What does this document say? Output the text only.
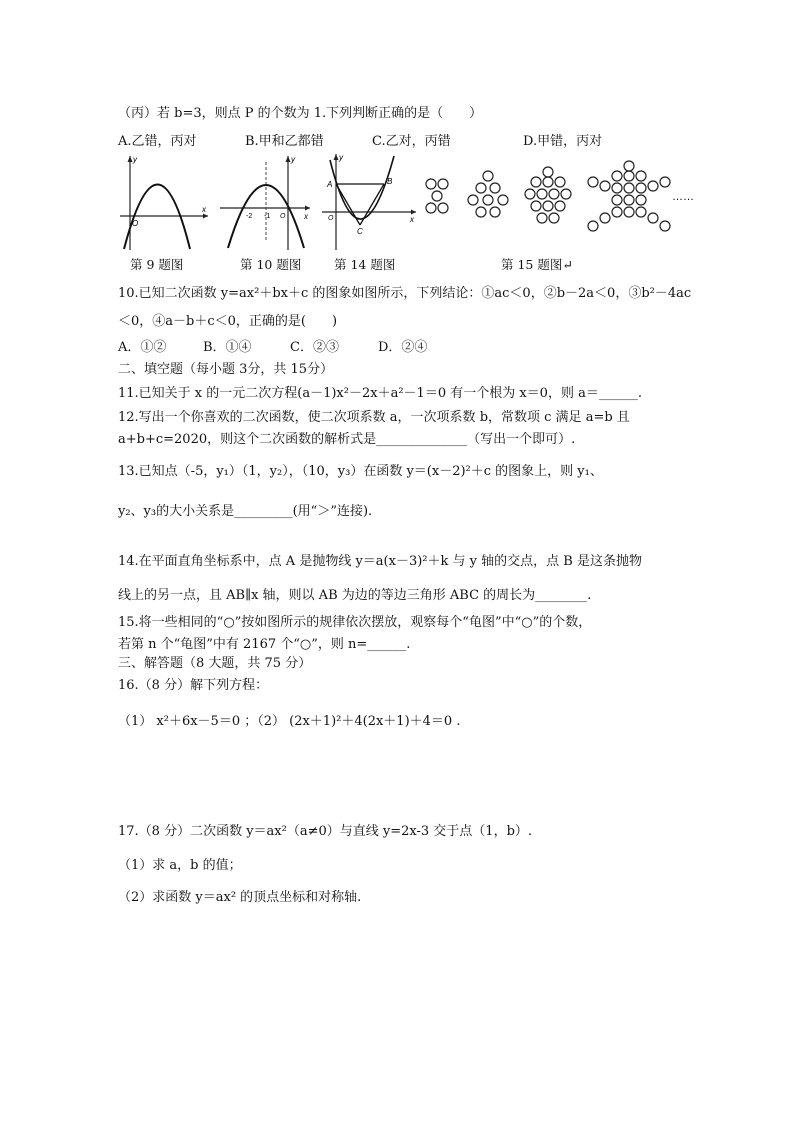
（丙）若 b=3，则点 P 的个数为 1.下列判断正确的是（　　）
A.乙错，丙对	B.甲和乙都错	C.乙对，丙错	D.甲错，丙对
y
x
O
y
x
O
-2 -1
y
x
O
A	B
C
……
第 9 题图	第 10 题图	第 14 题图	第 15 题图↵
10.已知二次函数 y=ax²＋bx＋c 的图象如图所示，下列结论：①ac＜0，②b－2a＜0，③b²－4ac
＜0，④a－b＋c＜0，正确的是(　　)
A．①②	B．①④	C．②③	D．②④
二、填空题（每小题 3分，共 15分）
11.已知关于 x 的一元二次方程(a－1)x²－2x＋a²－1＝0 有一个根为 x＝0，则 a＝______.
12.写出一个你喜欢的二次函数，使二次项系数 a，一次项系数 b，常数项 c 满足 a=b 且
a+b+c=2020，则这个二次函数的解析式是______________（写出一个即可）.
13.已知点（-5，y₁）（1，y₂），（10，y₃）在函数 y＝(x－2)²＋c 的图象上，则 y₁、
y₂、y₃的大小关系是_________(用“＞”连接).
14.在平面直角坐标系中，点 A 是抛物线 y＝a(x－3)²＋k 与 y 轴的交点，点 B 是这条抛物
线上的另一点，且 AB∥x 轴，则以 AB 为边的等边三角形 ABC 的周长为________.
15.将一些相同的“○”按如图所示的规律依次摆放，观察每个“龟图”中“○”的个数，
若第 n 个“龟图”中有 2167 个“○”，则 n=______.
三、解答题（8 大题，共 75 分）
16.（8 分）解下列方程：
（1） x²＋6x－5＝0 ；（2） (2x＋1)²＋4(2x＋1)＋4＝0 .
17.（8 分）二次函数 y＝ax²（a≠0）与直线 y=2x-3 交于点（1，b）.
（1）求 a，b 的值；
（2）求函数 y＝ax² 的顶点坐标和对称轴.
